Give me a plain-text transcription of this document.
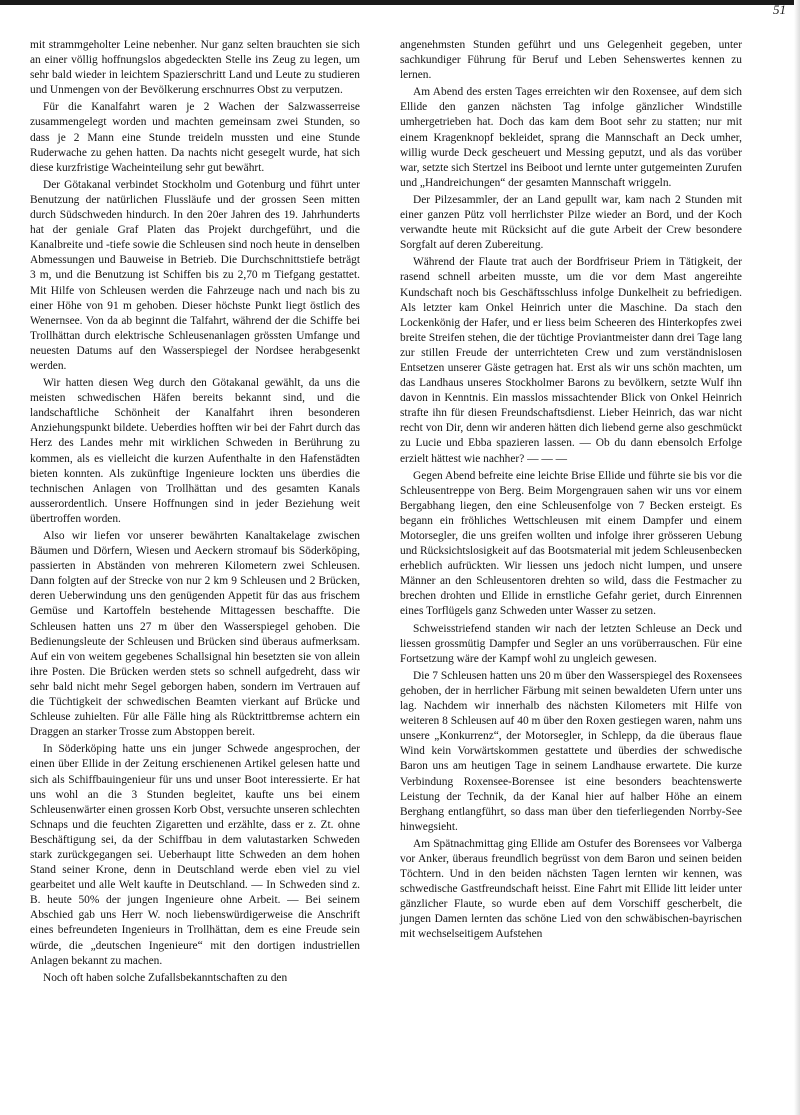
51

mit strammgeholter Leine nebenher. Nur ganz selten brauchten sie sich an einer völlig hoffnungslos abgedeckten Stelle ins Zeug zu legen, um sehr bald wieder in leichtem Spazierschritt Land und Leute zu studieren und Unmengen von der Bevölkerung erschnurres Obst zu verputzen.

Für die Kanalfahrt waren je 2 Wachen der Salzwasserreise zusammengelegt worden und machten gemeinsam zwei Stunden, so dass je 2 Mann eine Stunde treideln mussten und eine Stunde Ruderwache zu gehen hatten. Da nachts nicht gesegelt wurde, hat sich diese kurzfristige Wacheinteilung sehr gut bewährt.

Der Götakanal verbindet Stockholm und Gotenburg und führt unter Benutzung der natürlichen Flussläufe und der grossen Seen mitten durch Südschweden hindurch. In den 20er Jahren des 19. Jahrhunderts hat der geniale Graf Platen das Projekt durchgeführt, und die Kanalbreite und -tiefe sowie die Schleusen sind noch heute in denselben Abmessungen und Bauweise in Betrieb. Die Durchschnittstiefe beträgt 3 m, und die Benutzung ist Schiffen bis zu 2,70 m Tiefgang gestattet. Mit Hilfe von Schleusen werden die Fahrzeuge nach und nach bis zu einer Höhe von 91 m gehoben. Dieser höchste Punkt liegt östlich des Wenernsee. Von da ab beginnt die Talfahrt, während der die Schiffe bei Trollhättan durch elektrische Schleusenanlagen grössten Umfange und neuesten Datums auf den Wasserspiegel der Nordsee herabgesenkt werden.

Wir hatten diesen Weg durch den Götakanal gewählt, da uns die meisten schwedischen Häfen bereits bekannt sind, und die landschaftliche Schönheit der Kanalfahrt ihren besonderen Anziehungspunkt bildete. Ueberdies hofften wir bei der Fahrt durch das Herz des Landes mehr mit wirklichen Schweden in Berührung zu kommen, als es vielleicht die kurzen Aufenthalte in den Hafenstädten bieten konnten. Als zukünftige Ingenieure lockten uns überdies die technischen Anlagen von Trollhättan und des gesamten Kanals ausserordentlich. Unsere Hoffnungen sind in jeder Beziehung weit übertroffen worden.

Also wir liefen vor unserer bewährten Kanaltakelage zwischen Bäumen und Dörfern, Wiesen und Aeckern stromauf bis Söderköping, passierten in Abständen von mehreren Kilometern zwei Schleusen. Dann folgten auf der Strecke von nur 2 km 9 Schleusen und 2 Brücken, deren Ueberwindung uns den genügenden Appetit für das aus frischem Gemüse und Kartoffeln bestehende Mittagessen beschaffte. Die Schleusen hatten uns 27 m über den Wasserspiegel gehoben. Die Bedienungsleute der Schleusen und Brücken sind überaus aufmerksam. Auf ein von weitem gegebenes Schallsignal hin besetzten sie von allein ihre Posten. Die Brücken werden stets so schnell aufgedreht, dass wir sehr bald nicht mehr Segel geborgen haben, sondern im Vertrauen auf die Tüchtigkeit der schwedischen Beamten vierkant auf Brücke und Schleuse zuhielten. Für alle Fälle hing als Rücktrittbremse achtern ein Draggen an starker Trosse zum Abstoppen bereit.

In Söderköping hatte uns ein junger Schwede angesprochen, der einen über Ellide in der Zeitung erschienenen Artikel gelesen hatte und sich als Schiffbauingenieur für uns und unser Boot interessierte. Er hat uns wohl an die 3 Stunden begleitet, kaufte uns bei einem Schleusenwärter einen grossen Korb Obst, versuchte unseren schlechten Schnaps und die feuchten Zigaretten und erzählte, dass er z. Zt. ohne Beschäftigung sei, da der Schiffbau in dem valutastarken Schweden stark zurückgegangen sei. Ueberhaupt litte Schweden an dem hohen Stand seiner Krone, denn in Deutschland werde eben viel zu viel gearbeitet und alle Welt kaufte in Deutschland. — In Schweden sind z. B. heute 50% der jungen Ingenieure ohne Arbeit. — Bei seinem Abschied gab uns Herr W. noch liebenswürdigerweise die Anschrift eines befreundeten Ingenieurs in Trollhättan, dem es eine Freude sein würde, die „deutschen Ingenieure“ mit den dortigen industriellen Anlagen bekannt zu machen.

Noch oft haben solche Zufallsbekanntschaften zu den

angenehmsten Stunden geführt und uns Gelegenheit gegeben, unter sachkundiger Führung für Beruf und Leben Sehenswertes kennen zu lernen.

Am Abend des ersten Tages erreichten wir den Roxensee, auf dem sich Ellide den ganzen nächsten Tag infolge gänzlicher Windstille umhergetrieben hat. Doch das kam dem Boot sehr zu statten; nur mit einem Kragenknopf bekleidet, sprang die Mannschaft an Deck umher, willig wurde Deck gescheuert und Messing geputzt, und als das vorüber war, setzte sich Stertzel ins Beiboot und lernte unter gutgemeinten Zurufen und „Handreichungen“ der gesamten Mannschaft wriggeln.

Der Pilzesammler, der an Land gepullt war, kam nach 2 Stunden mit einer ganzen Pütz voll herrlichster Pilze wieder an Bord, und der Koch verwandte heute mit Rücksicht auf die gute Arbeit der Crew besondere Sorgfalt auf deren Zubereitung.

Während der Flaute trat auch der Bordfriseur Priem in Tätigkeit, der rasend schnell arbeiten musste, um die vor dem Mast angereihte Kundschaft noch bis Geschäftsschluss infolge Dunkelheit zu befriedigen. Als letzter kam Onkel Heinrich unter die Maschine. Da stach den Lockenkönig der Hafer, und er liess beim Scheeren des Hinterkopfes zwei breite Streifen stehen, die der tüchtige Proviantmeister dann drei Tage lang zur stillen Freude der unterrichteten Crew und zum verständnislosen Entsetzen unserer Gäste getragen hat. Erst als wir uns schön machten, um das Landhaus unseres Stockholmer Barons zu bevölkern, setzte Wulf ihn davon in Kenntnis. Ein masslos missachtender Blick von Onkel Heinrich strafte ihn für diesen Freundschaftsdienst. Lieber Heinrich, das war nicht recht von Dir, denn wir anderen hätten dich liebend gerne also geschmückt zu Lucie und Ebba spazieren lassen. — Ob du dann ebensolch Erfolge erzielt hättest wie nachher? — — —

Gegen Abend befreite eine leichte Brise Ellide und führte sie bis vor die Schleusentreppe von Berg. Beim Morgengrauen sahen wir uns vor einem Bergabhang liegen, den eine Schleusenfolge von 7 Becken ersteigt. Es begann ein fröhliches Wettschleusen mit einem Dampfer und einem Motorsegler, die uns greifen wollten und infolge ihrer grösseren Uebung und Rücksichtslosigkeit auf das Bootsmaterial mit jedem Schleusenbecken erheblich aufrückten. Wir liessen uns jedoch nicht lumpen, und unsere Männer an den Schleusentoren drehten so wild, dass die Festmacher zu brechen drohten und Ellide in ernstliche Gefahr geriet, durch Einrennen eines Torflügels ganz Schweden unter Wasser zu setzen.

Schweisstriefend standen wir nach der letzten Schleuse an Deck und liessen grossmütig Dampfer und Segler an uns vorüberrauschen. Für eine Fortsetzung wäre der Kampf wohl zu ungleich gewesen.

Die 7 Schleusen hatten uns 20 m über den Wasserspiegel des Roxensees gehoben, der in herrlicher Färbung mit seinen bewaldeten Ufern unter uns lag. Nachdem wir innerhalb des nächsten Kilometers mit Hilfe von weiteren 8 Schleusen auf 40 m über den Roxen gestiegen waren, nahm uns unsere „Konkurrenz“, der Motorsegler, in Schlepp, da die überaus flaue Wind kein Vorwärtskommen gestattete und überdies der schwedische Baron uns am heutigen Tage in seinem Landhause erwartete. Die kurze Verbindung Roxensee-Borensee ist eine besonders beachtenswerte Leistung der Technik, da der Kanal hier auf halber Höhe an einem Berghang entlangführt, so dass man über den tieferliegenden Norrby-See hinwegsieht.

Am Spätnachmittag ging Ellide am Ostufer des Borensees vor Valberga vor Anker, überaus freundlich begrüsst von dem Baron und seinen beiden Töchtern. Und in den beiden nächsten Tagen lernten wir kennen, was schwedische Gastfreundschaft heisst. Eine Fahrt mit Ellide litt leider unter gänzlicher Flaute, so wurde eben auf dem Vorschiff gescherbelt, die jungen Damen lernten das schöne Lied von den schwäbischen-bayrischen mit wechselseitigem Aufstehen
